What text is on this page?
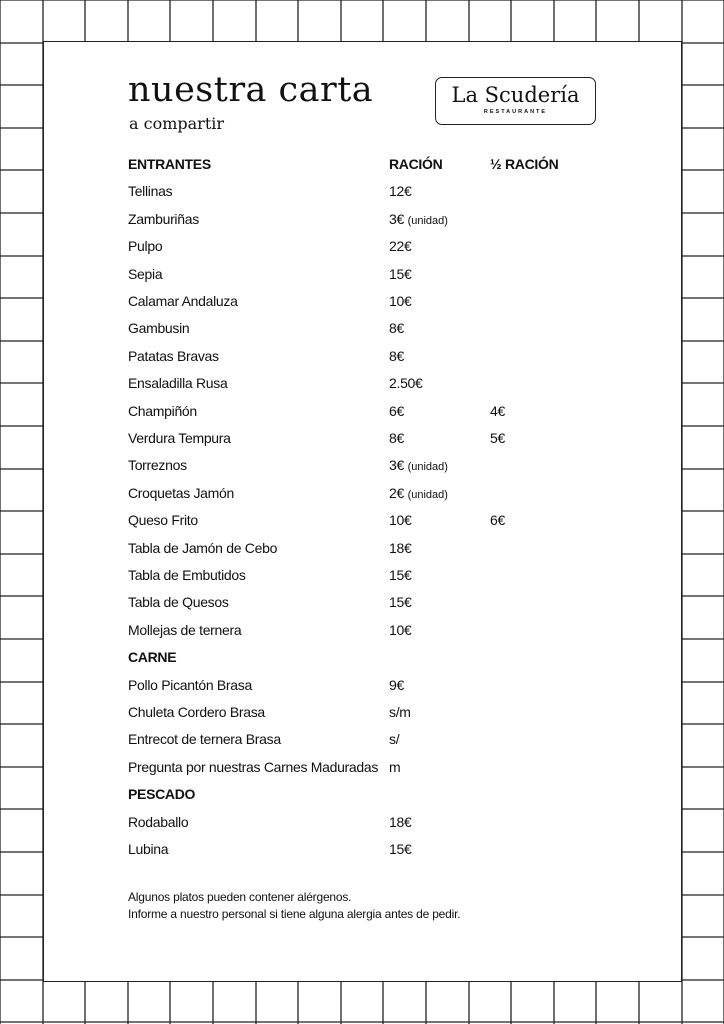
nuestra carta
a compartir
La Scudería
RESTAURANTE
ENTRANTES	RACIÓN	½ RACIÓN
Tellinas	12€
Zamburiñas	3€ (unidad)
Pulpo	22€
Sepia	15€
Calamar Andaluza	10€
Gambusin	8€
Patatas Bravas	8€
Ensaladilla Rusa	2.50€
Champiñón	6€	4€
Verdura Tempura	8€	5€
Torreznos	3€ (unidad)
Croquetas Jamón	2€ (unidad)
Queso Frito	10€	6€
Tabla de Jamón de Cebo	18€
Tabla de Embutidos	15€
Tabla de Quesos	15€
Mollejas de ternera	10€
CARNE
Pollo Picantón Brasa	9€
Chuleta Cordero Brasa	s/m
Entrecot de ternera Brasa	s/
Pregunta por nuestras Carnes Maduradas m
PESCADO
Rodaballo	18€
Lubina	15€
Algunos platos pueden contener alérgenos.
Informe a nuestro personal si tiene alguna alergia antes de pedir.
